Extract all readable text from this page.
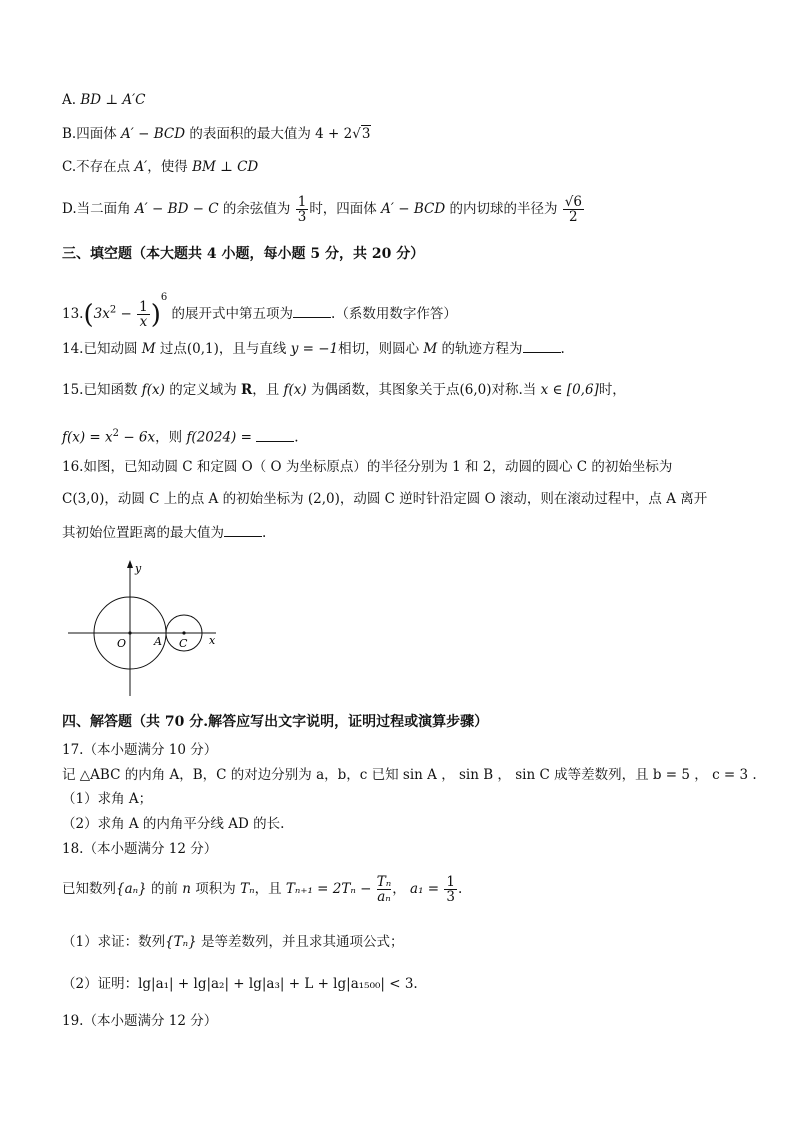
A. BD ⊥ A′C
B.四面体 A′ − BCD 的表面积的最大值为 4 + 2√3
C.不存在点 A′，使得 BM ⊥ CD
D.当二面角 A′ − BD − C 的余弦值为 $\frac{1}{3}$ 时，四面体 A′ − BCD 的内切球的半径为 $\frac{√6}{2}$
三、填空题（本大题共 4 小题，每小题 5 分，共 20 分）
$13.(3x^2 - \frac{1}{x})^6$ 的展开式中第五项为	.（系数用数字作答）
14.已知动圆 M 过点(0,1)，且与直线 y = −1相切，则圆心 M 的轨迹方程为	.
15.已知函数 f(x) 的定义域为 R，且 f(x) 为偶函数，其图象关于点(6,0)对称.当 x ∈ [0,6]时，
$f(x) = x^2 - 6x$，则 f(2024) =	.
16.如图，已知动圆 C 和定圆 O（ O 为坐标原点）的半径分别为 1 和 2，动圆的圆心 C 的初始坐标为
C(3,0)，动圆 C 上的点 A 的初始坐标为 (2,0)，动圆 C 逆时针沿定圆 O 滚动，则在滚动过程中，点 A 离开
其初始位置距离的最大值为	.
y
x
O	A C
四、解答题（共 70 分.解答应写出文字说明，证明过程或演算步骤）
17.（本小题满分 10 分）
记 △ABC 的内角 A，B，C 的对边分别为 a，b，c 已知 sin A ， sin B ， sin C 成等差数列，且 b = 5 ， c = 3 .
（1）求角 A；
（2）求角 A 的内角平分线 AD 的长.
18.（本小题满分 12 分）
已知数列{aₙ} 的前 n 项积为 Tₙ，且 $T_{n+1} = 2T_n - \frac{\text{Tₙ}}{\text{aₙ}}$ ， $a_1 = \frac{1}{3}$ .
（1）求证：数列{Tₙ} 是等差数列，并且求其通项公式；
（2）证明：lg|a₁| + lg|a₂| + lg|a₃| + L + lg|a₁₅₀₀| < 3.
19.（本小题满分 12 分）
